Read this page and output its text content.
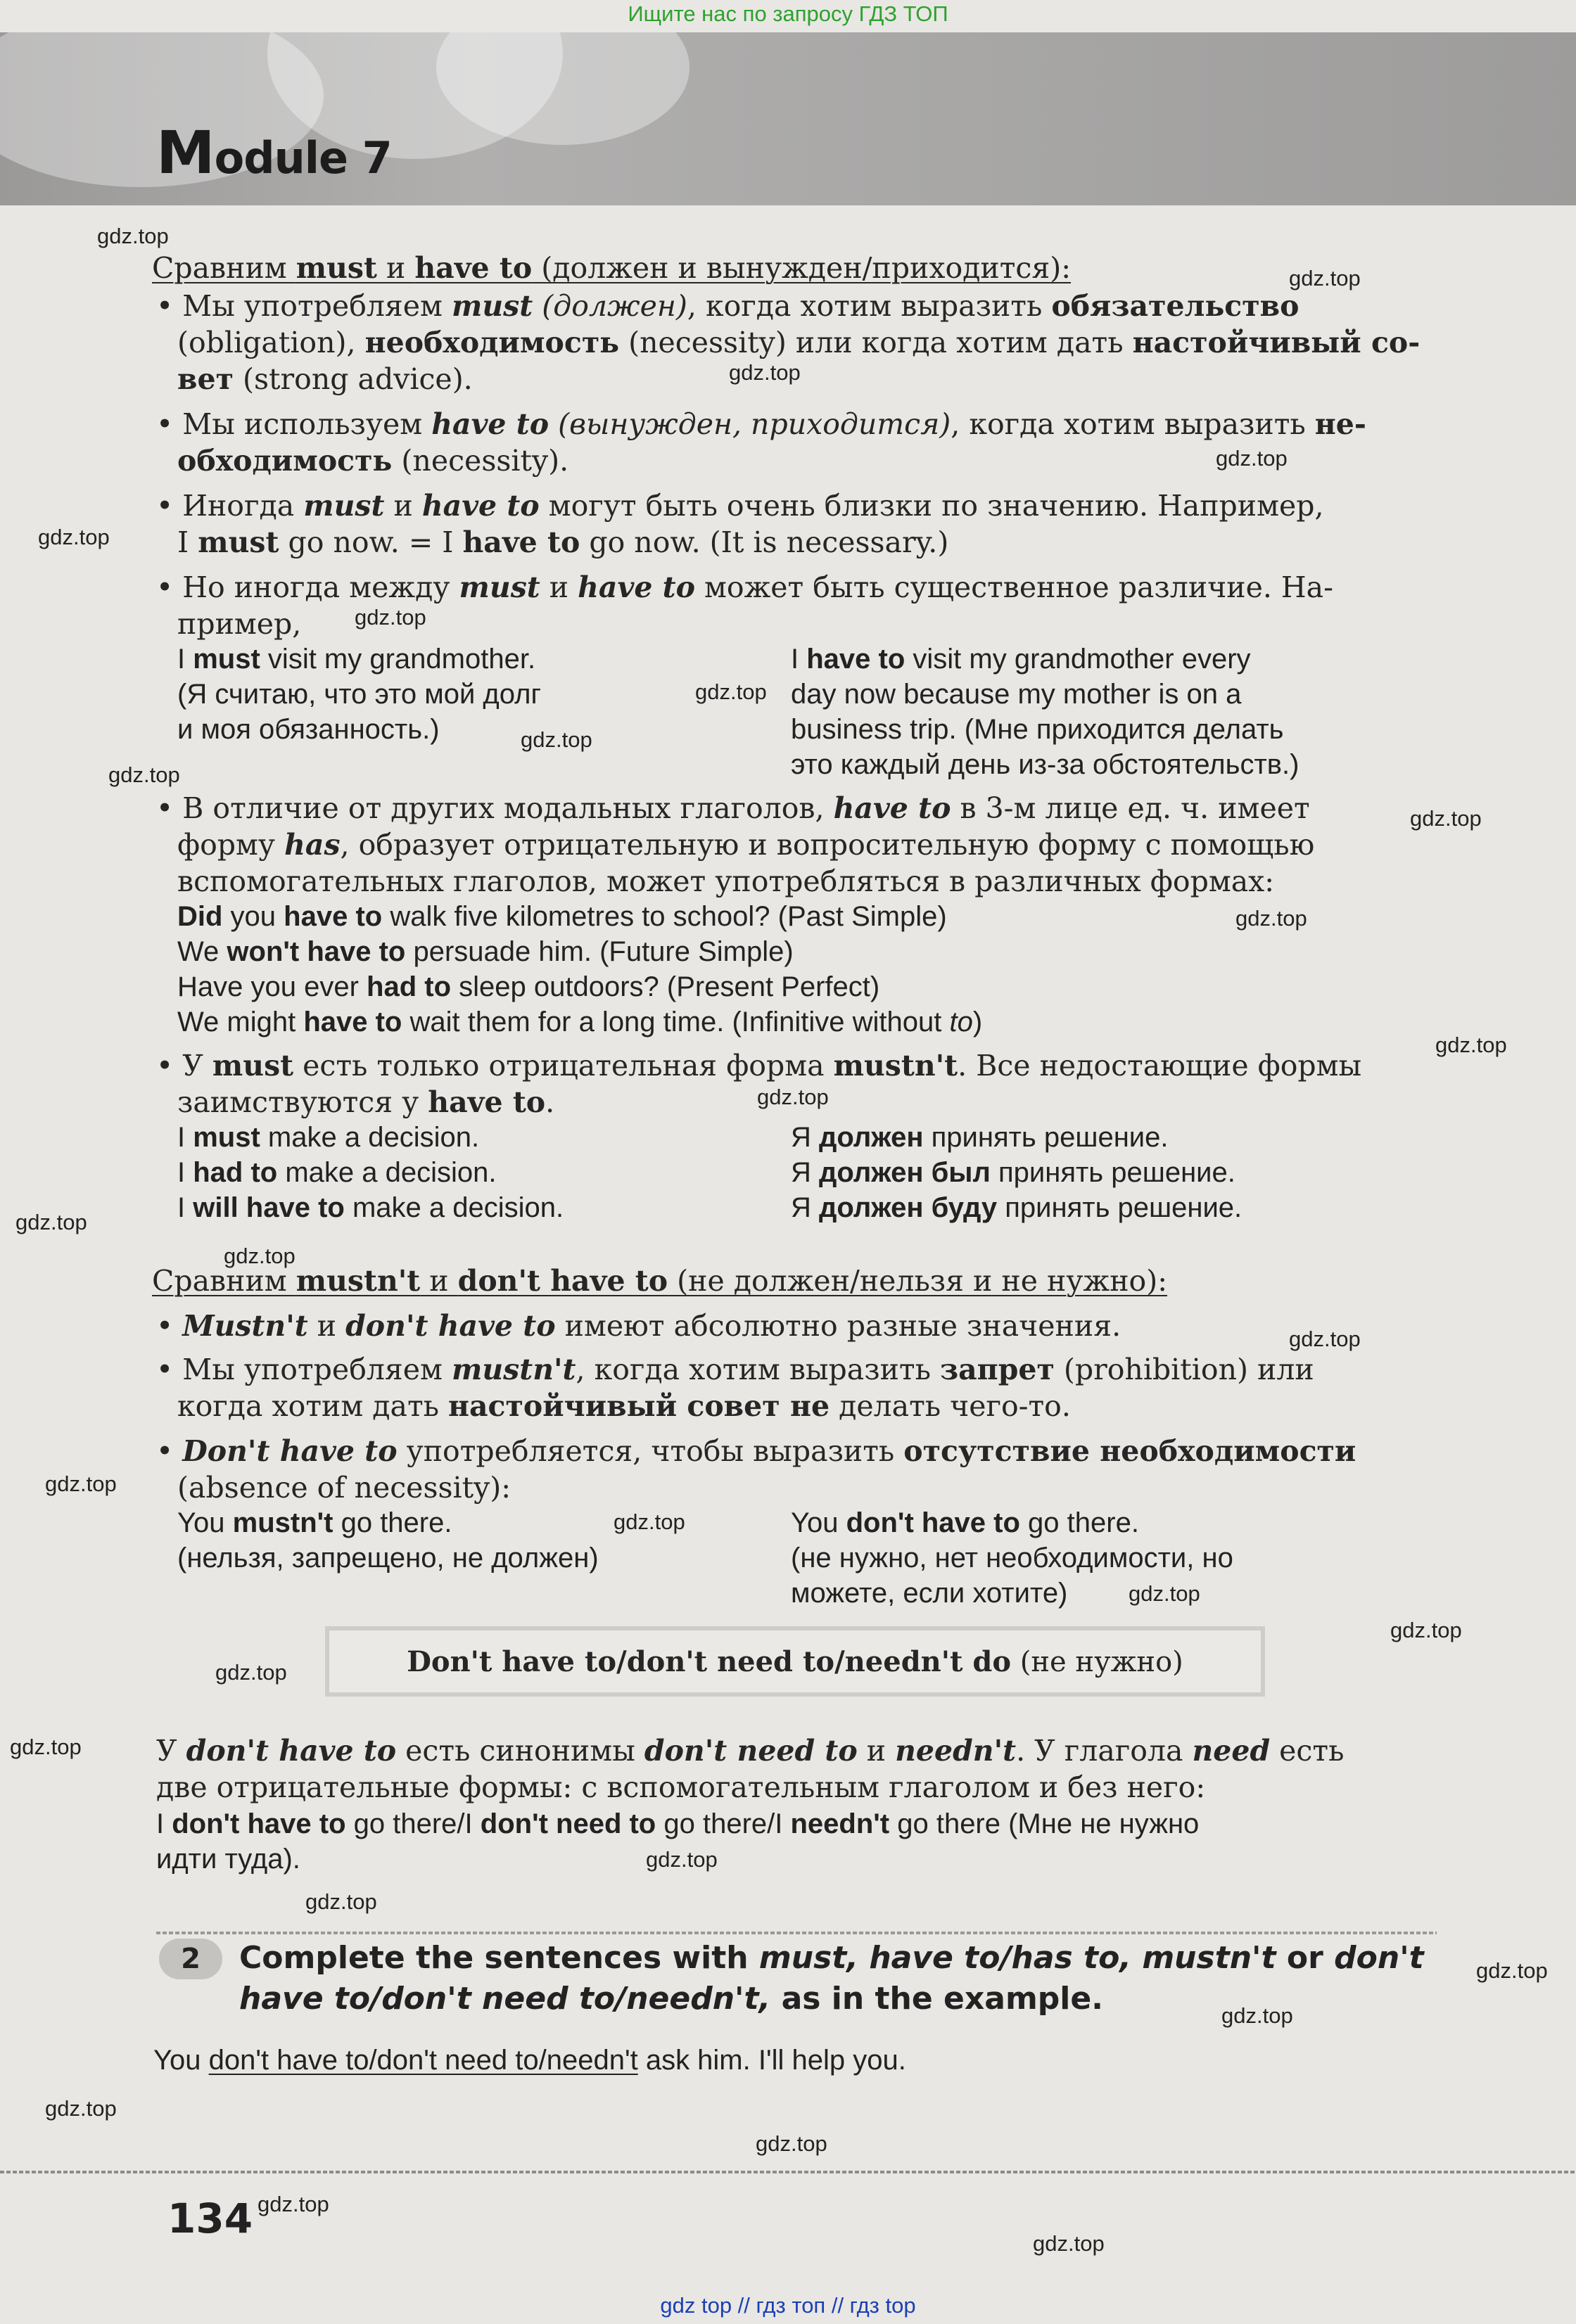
Ищите нас по запросу ГДЗ ТОП
Module 7
Сравним must и have to (должен и вынужден/приходится):
• Мы употребляем must (должен), когда хотим выразить обязательство
(obligation), необходимость (necessity) или когда хотим дать настойчивый со-
вет (strong advice).
• Мы используем have to (вынужден, приходится), когда хотим выразить не-
обходимость (necessity).
• Иногда must и have to могут быть очень близки по значению. Например,
I must go now. = I have to go now. (It is necessary.)
• Но иногда между must и have to может быть существенное различие. На-
пример,
I must visit my grandmother.
(Я считаю, что это мой долг
и моя обязанность.)
I have to visit my grandmother every
day now because my mother is on a
business trip. (Мне приходится делать
это каждый день из-за обстоятельств.)
• В отличие от других модальных глаголов, have to в 3-м лице ед. ч. имеет
форму has, образует отрицательную и вопросительную форму с помощью
вспомогательных глаголов, может употребляться в различных формах:
Did you have to walk five kilometres to school? (Past Simple)
We won't have to persuade him. (Future Simple)
Have you ever had to sleep outdoors? (Present Perfect)
We might have to wait them for a long time. (Infinitive without to)
• У must есть только отрицательная форма mustn't. Все недостающие формы
заимствуются у have to.
I must make a decision.
I had to make a decision.
I will have to make a decision.
Я должен принять решение.
Я должен был принять решение.
Я должен буду принять решение.
Сравним mustn't и don't have to (не должен/нельзя и не нужно):
• Mustn't и don't have to имеют абсолютно разные значения.
• Мы употребляем mustn't, когда хотим выразить запрет (prohibition) или
когда хотим дать настойчивый совет не делать чего-то.
• Don't have to употребляется, чтобы выразить отсутствие необходимости
(absence of necessity):
You mustn't go there.
(нельзя, запрещено, не должен)
You don't have to go there.
(не нужно, нет необходимости, но
можете, если хотите)
Don't have to/don't need to/needn't do (не нужно)
У don't have to есть синонимы don't need to и needn't. У глагола need есть
две отрицательные формы: с вспомогательным глаголом и без него:
I don't have to go there/I don't need to go there/I needn't go there (Мне не нужно
идти туда).
2	Complete the sentences with must, have to/has to, mustn't or don't
have to/don't need to/needn't, as in the example.
You don't have to/don't need to/needn't ask him. I'll help you.
134
gdz.top
gdz.top
gdz.top
gdz.top
gdz.top
gdz.top
gdz.top
gdz.top
gdz.top
gdz.top
gdz.top
gdz.top
gdz.top
gdz.top
gdz.top
gdz.top
gdz.top
gdz.top
gdz.top
gdz.top
gdz.top
gdz.top
gdz.top
gdz.top
gdz.top
gdz.top
gdz.top
gdz.top
gdz.top
gdz.top
gdz top // гдз топ // гдз top
